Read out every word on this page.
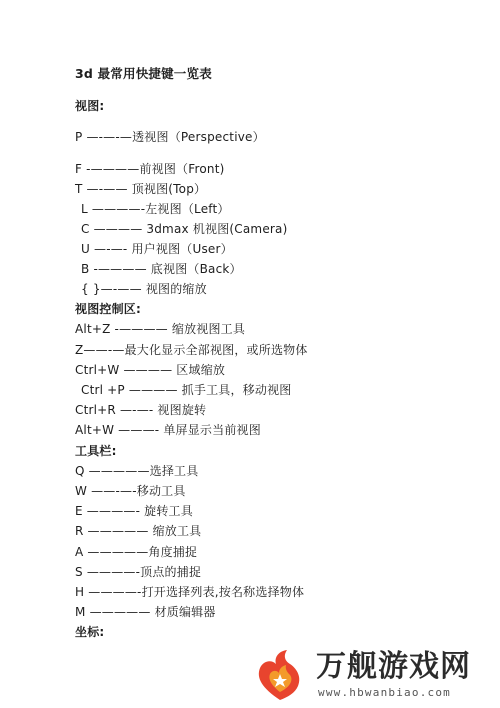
3d 最常用快捷键一览表
视图:
P —-—-—透视图（Perspective）
F -————前视图（Front)
T —-—— 顶视图(Top）
L ————-左视图（Left）
C ———— 3dmax 机视图(Camera)
U —-—- 用户视图（User）
B -———— 底视图（Back）
{ }—-—— 视图的缩放
视图控制区:
Alt+Z -———— 缩放视图工具
Z——-—最大化显示全部视图，或所选物体
Ctrl+W ———— 区域缩放
Ctrl +P ———— 抓手工具，移动视图
Ctrl+R —-—- 视图旋转
Alt+W ———- 单屏显示当前视图
工具栏:
Q —————选择工具
W ——-—-移动工具
E ————- 旋转工具
R ————— 缩放工具
A —————角度捕捉
S ————-顶点的捕捉
H ————-打开选择列表,按名称选择物体
M ————— 材质编辑器
坐标:
万舰游戏网
www.hbwanbiao.com
